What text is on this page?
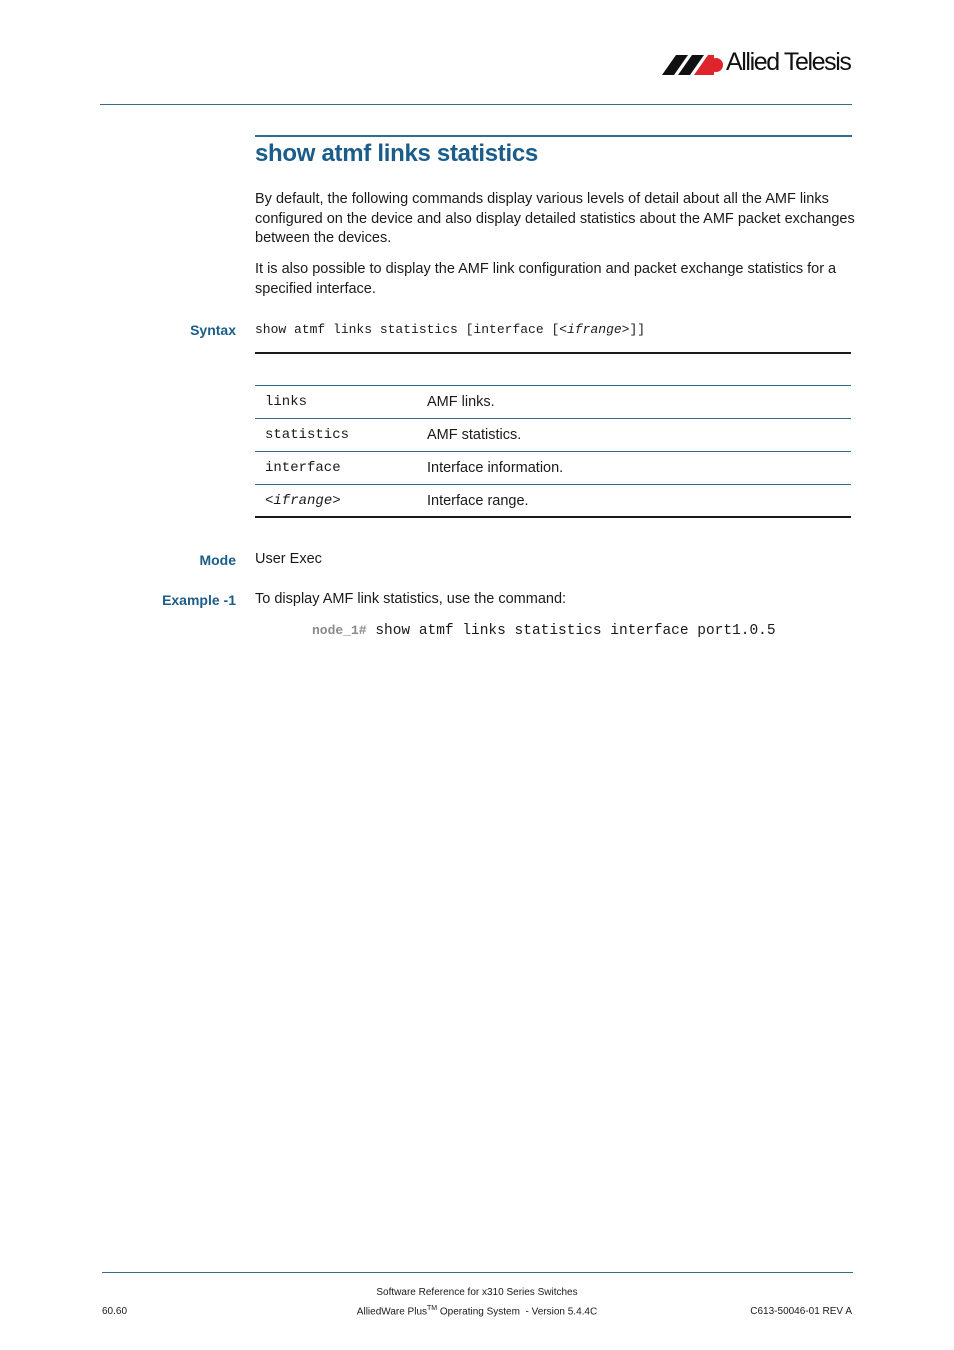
Allied Telesis
show atmf links statistics
By default, the following commands display various levels of detail about all the AMF links configured on the device and also display detailed statistics about the AMF packet exchanges between the devices.
It is also possible to display the AMF link configuration and packet exchange statistics for a specified interface.
Syntax show atmf links statistics [interface [<ifrange>]]
links	AMF links.
statistics	AMF statistics.
interface	Interface information.
<ifrange>	Interface range.
Mode User Exec
Example -1 To display AMF link statistics, use the command:
node_1# show atmf links statistics interface port1.0.5
Software Reference for x310 Series Switches
AlliedWare Plus™ Operating System  - Version 5.4.4C
60.60	C613-50046-01 REV A
